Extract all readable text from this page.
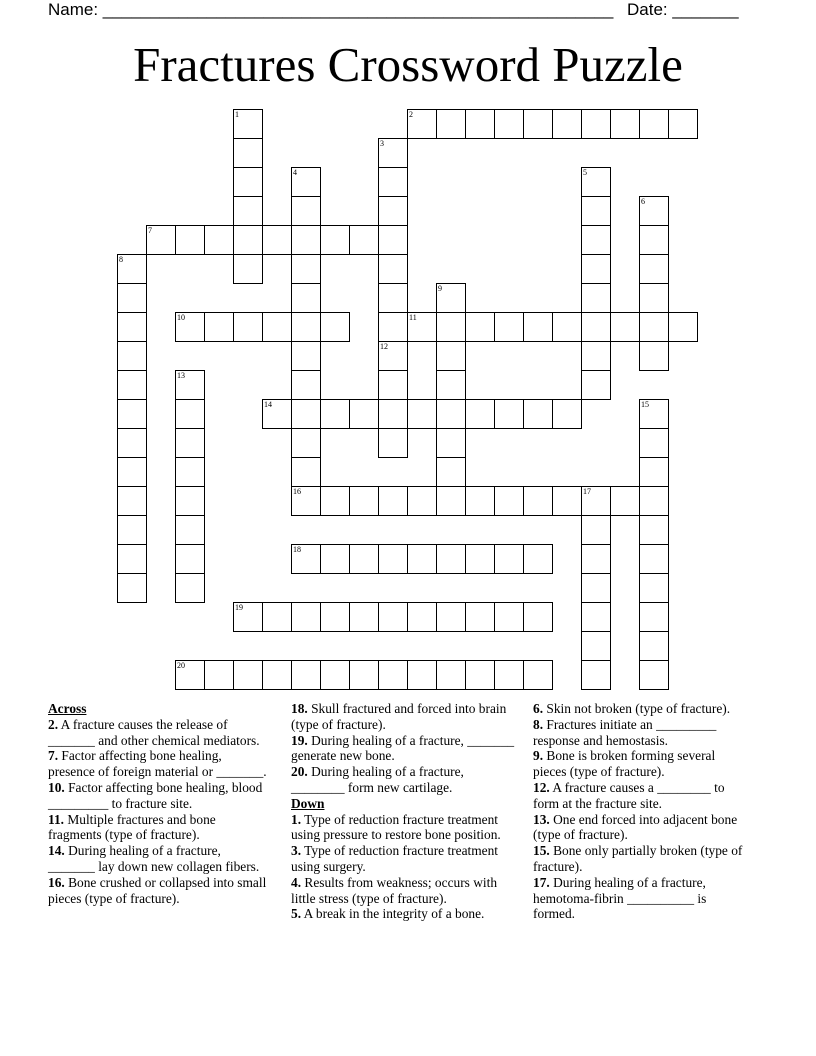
Name: ______________________________________________________ Date: _______
Fractures Crossword Puzzle
1	2
3
4	5
6
7
8
9
10	11
12
13
14	15
16	17
18
19
20
Across
2. A fracture causes the release of _______ and other chemical mediators.
7. Factor affecting bone healing, presence of foreign material or _______.
10. Factor affecting bone healing, blood _________ to fracture site.
11. Multiple fractures and bone fragments (type of fracture).
14. During healing of a fracture, _______ lay down new collagen fibers.
16. Bone crushed or collapsed into small pieces (type of fracture).
18. Skull fractured and forced into brain (type of fracture).
19. During healing of a fracture, _______ generate new bone.
20. During healing of a fracture, ________ form new cartilage.
Down
1. Type of reduction fracture treatment using pressure to restore bone position.
3. Type of reduction fracture treatment using surgery.
4. Results from weakness; occurs with little stress (type of fracture).
5. A break in the integrity of a bone.
6. Skin not broken (type of fracture).
8. Fractures initiate an _________ response and hemostasis.
9. Bone is broken forming several pieces (type of fracture).
12. A fracture causes a ________ to form at the fracture site.
13. One end forced into adjacent bone (type of fracture).
15. Bone only partially broken (type of fracture).
17. During healing of a fracture, hemotoma-fibrin __________ is formed.
